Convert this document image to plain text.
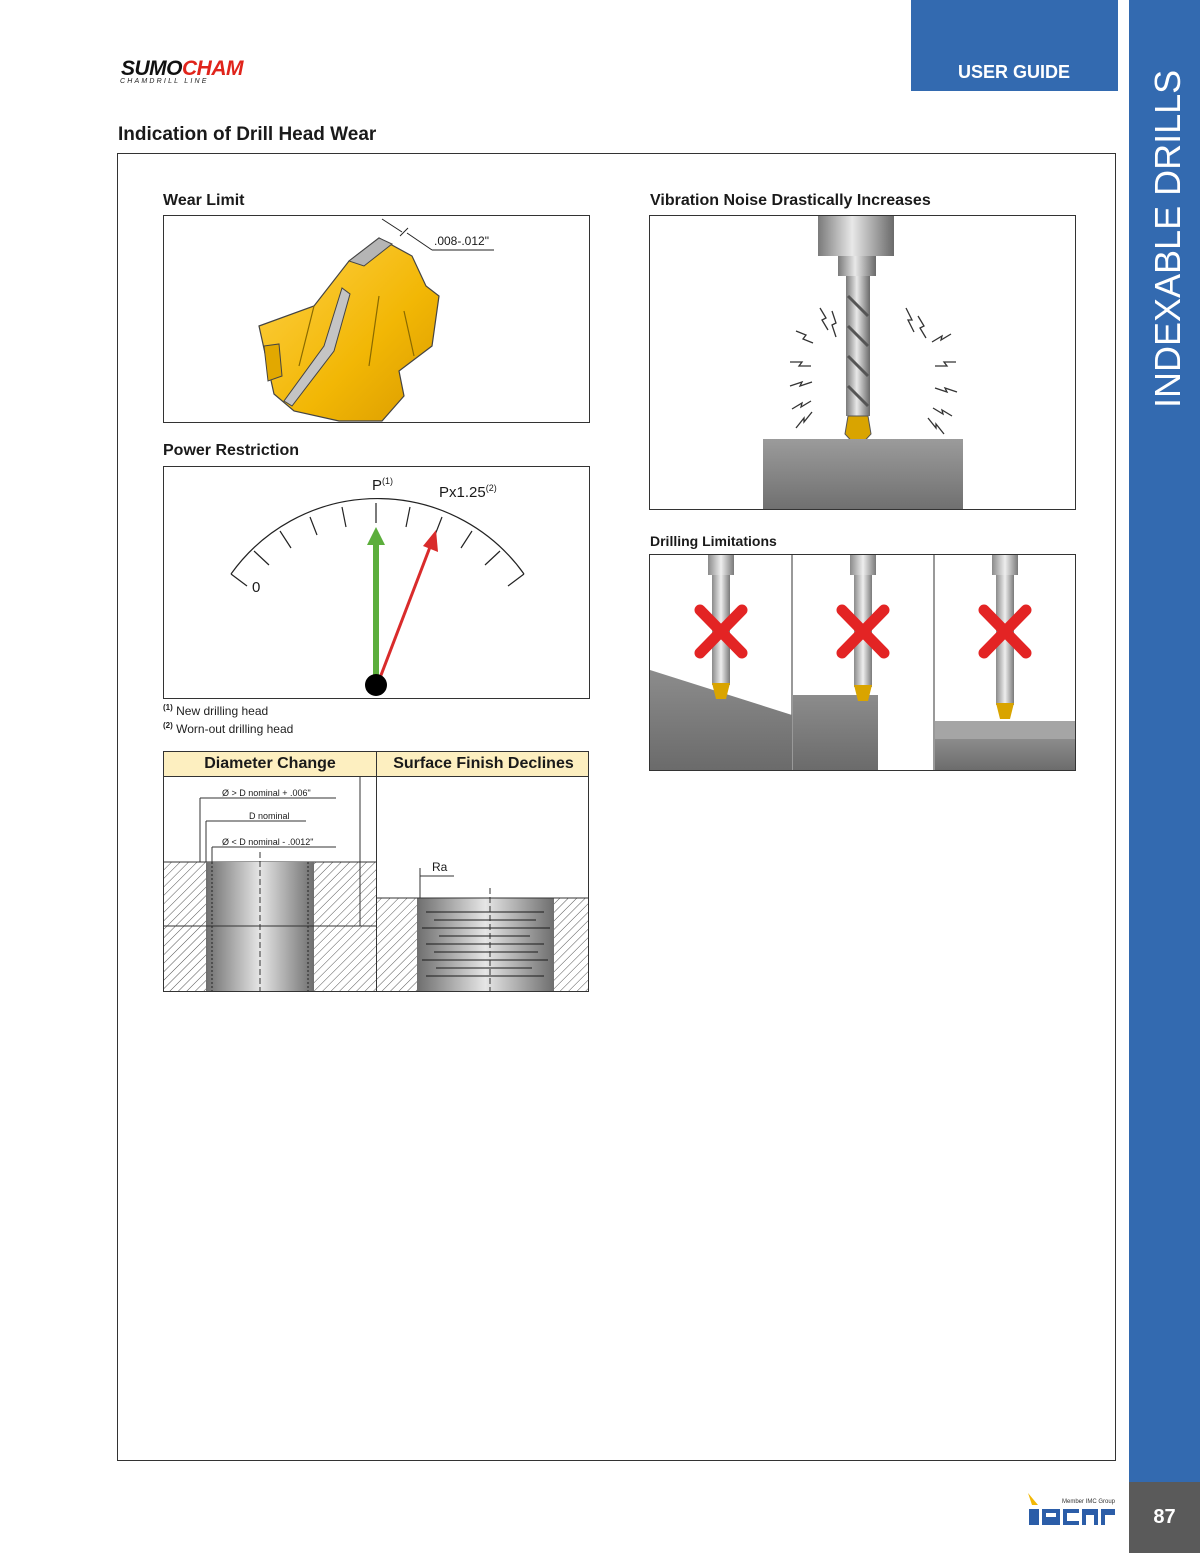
SUMOCHAM
CHAMDRILL LINE	USER GUIDE INDEXABLE DRILLS
87
Indication of Drill Head Wear
Wear Limit
.008-.012"
Power Restriction
0
$P^{(1)}$
Px1.25$^{(2)}$
$^{(1)}$ New drilling head
$^{(2)}$ Worn-out drilling head
Diameter Change	Surface Finish Declines
Ø > D nominal + .006"
D nominal
Ø < D nominal - .0012"
Ra
Vibration Noise Drastically Increases
Drilling Limitations
Member IMC Group
